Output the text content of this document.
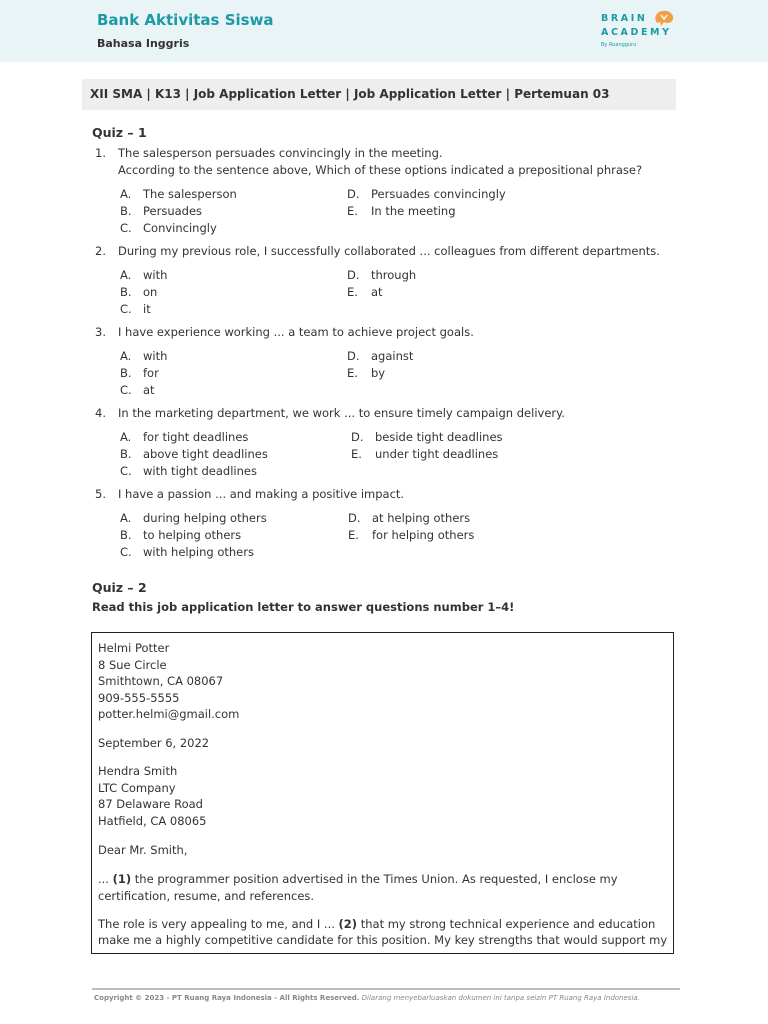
Bank Aktivitas Siswa
Bahasa Inggris
BRAIN
ACADEMY
By Ruangguru
XII SMA | K13 | Job Application Letter | Job Application Letter | Pertemuan 03
Quiz – 1
1. The salesperson persuades convincingly in the meeting.
According to the sentence above, Which of these options indicated a prepositional phrase?
A. The salesperson
B. Persuades
C. Convincingly
D. Persuades convincingly
E. In the meeting
2. During my previous role, I successfully collaborated ... colleagues from different departments.
A. with
B. on
C. it
D. through
E. at
3. I have experience working ... a team to achieve project goals.
A. with
B. for
C. at
D. against
E. by
4. In the marketing department, we work ... to ensure timely campaign delivery.
A. for tight deadlines
B. above tight deadlines
C. with tight deadlines
D. beside tight deadlines
E. under tight deadlines
5. I have a passion ... and making a positive impact.
A. during helping others
B. to helping others
C. with helping others
D. at helping others
E. for helping others
Quiz – 2
Read this job application letter to answer questions number 1–4!
Helmi Potter
8 Sue Circle
Smithtown, CA 08067
909-555-5555
potter.helmi@gmail.com
September 6, 2022
Hendra Smith
LTC Company
87 Delaware Road
Hatfield, CA 08065
Dear Mr. Smith,
... (1) the programmer position advertised in the Times Union. As requested, I enclose my
certification, resume, and references.
The role is very appealing to me, and I ... (2) that my strong technical experience and education
make me a highly competitive candidate for this position. My key strengths that would support my
Copyright © 2023 - PT Ruang Raya Indonesia - All Rights Reserved. Dilarang menyebarluaskan dokumen ini tanpa seizin PT Ruang Raya Indonesia.
